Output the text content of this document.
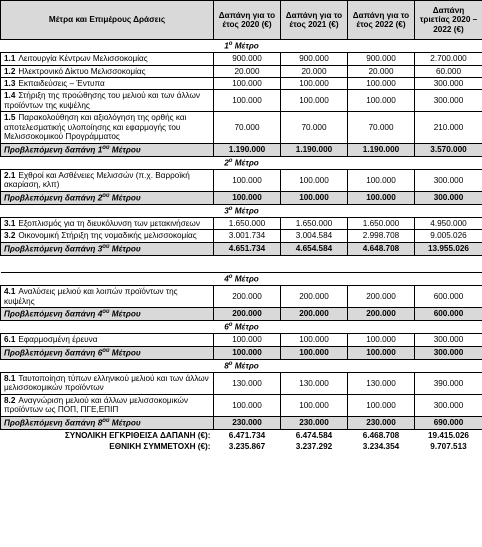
Μέτρα και Επιμέρους Δράσεις	Δαπάνη για το έτος 2020 (€)	Δαπάνη για το έτος 2021 (€)	Δαπάνη για το έτος 2022 (€)	Δαπάνη τριετίας 2020 – 2022 (€)
$1^o$ Μέτρο				
1.1 Λειτουργία Κέντρων Μελισσοκομίας	900.000	900.000	900.000	2.700.000
1.2 Ηλεκτρονικό Δίκτυο Μελισσοκομίας	20.000	20.000	20.000	60.000
1.3 Εκπαιδεύσεις – Έντυπα	100.000	100.000	100.000	300.000
1.4 Στήριξη της προώθησης του μελιού και των άλλων προϊόντων της κυψέλης	100.000	100.000	100.000	300.000
1.5 Παρακολούθηση και αξιολόγηση της ορθής και αποτελεσματικής υλοποίησης και εφαρμογής του Μελισσοκομικού Προγράμματος	70.000	70.000	70.000	210.000
Προβλεπόμενη δαπάνη $1^{o\upsilon}$ Μέτρου	1.190.000	1.190.000	1.190.000	3.570.000
$2^o$ Μέτρο				
2.1 Εχθροί και Ασθένειες Μελισσών (π.χ. Βαρροϊκή ακαρίαση, κλπ)	100.000	100.000	100.000	300.000
Προβλεπόμενη δαπάνη $2^{o\upsilon}$ Μέτρου	100.000	100.000	100.000	300.000
$3^o$ Μέτρο				
3.1 Εξοπλισμός για τη διευκόλυνση των μετακινήσεων	1.650.000	1.650.000	1.650.000	4.950.000
3.2 Οικονομική Στήριξη της νομαδικής μελισσοκομίας	3.001.734	3.004.584	2.998.708	9.005.026
Προβλεπόμενη δαπάνη $3^{o\upsilon}$ Μέτρου	4.651.734	4.654.584	4.648.708	13.955.026

$4^o$ Μέτρο				
4.1 Αναλύσεις μελιού και λοιπών προϊόντων της κυψέλης	200.000	200.000	200.000	600.000
Προβλεπόμενη δαπάνη $4^{o\upsilon}$ Μέτρου	200.000	200.000	200.000	600.000
$6^o$ Μέτρο				
6.1 Εφαρμοσμένη έρευνα	100.000	100.000	100.000	300.000
Προβλεπόμενη δαπάνη $6^{o\upsilon}$ Μέτρου	100.000	100.000	100.000	300.000
$8^o$ Μέτρο				
8.1 Ταυτοποίηση τύπων ελληνικού μελιού και των άλλων μελισσοκομικών προϊόντων	130.000	130.000	130.000	390.000
8.2 Αναγνώριση μελιού και άλλων μελισσοκομικών προϊόντων ως ΠΟΠ, ΠΓΕ,ΕΠΙΠ	100.000	100.000	100.000	300.000
Προβλεπόμενη δαπάνη $8^{o\upsilon}$ Μέτρου	230.000	230.000	230.000	690.000
ΣΥΝΟΛΙΚΗ ΕΓΚΡΙΘΕΙΣΑ ΔΑΠΑΝΗ (€):	6.471.734	6.474.584	6.468.708	19.415.026
ΕΘΝΙΚΗ ΣΥΜΜΕΤΟΧΗ (€):	3.235.867	3.237.292	3.234.354	9.707.513
